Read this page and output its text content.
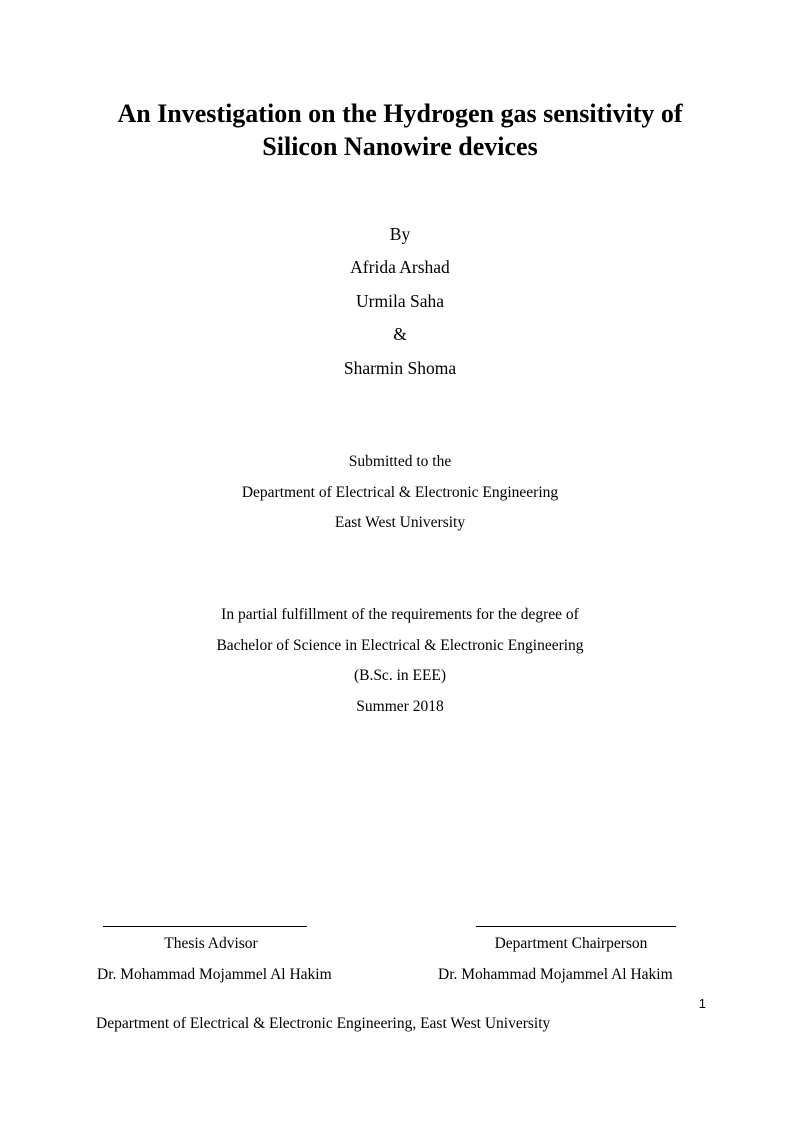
An Investigation on the Hydrogen gas sensitivity of
Silicon Nanowire devices
By
Afrida Arshad
Urmila Saha
&
Sharmin Shoma
Submitted to the
Department of Electrical & Electronic Engineering
East West University
In partial fulfillment of the requirements for the degree of
Bachelor of Science in Electrical & Electronic Engineering
(B.Sc. in EEE)
Summer 2018
Thesis Advisor	Department Chairperson
Dr. Mohammad Mojammel Al Hakim	Dr. Mohammad Mojammel Al Hakim
1
Department of Electrical & Electronic Engineering, East West University
